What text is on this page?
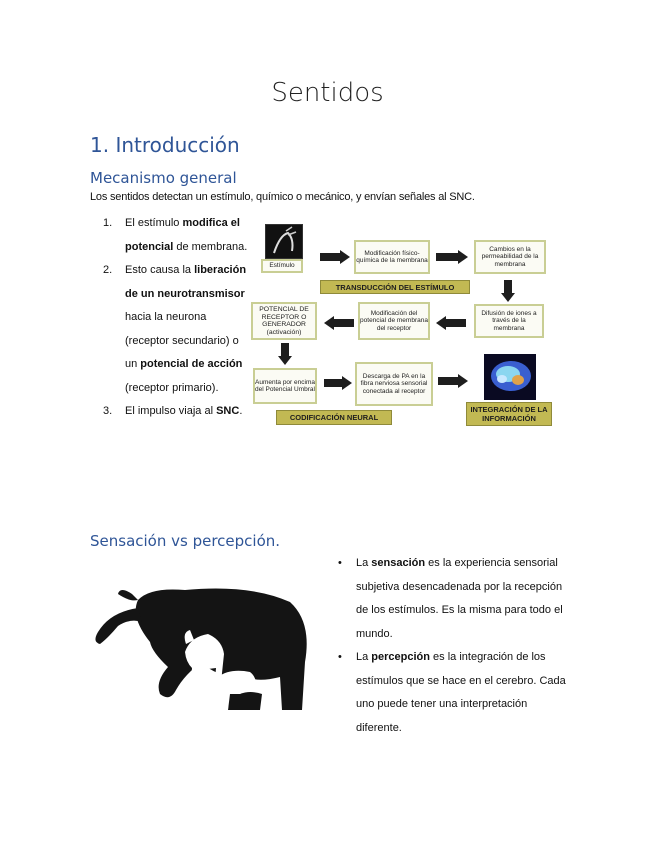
Sentidos
1. Introducción
Mecanismo general
Los sentidos detectan un estímulo, químico o mecánico, y envían señales al SNC.
1. El estímulo modifica el potencial de membrana.
2. Esto causa la liberación de un neurotransmisor hacia la neurona (receptor secundario) o un potencial de acción (receptor primario).
3. El impulso viaja al SNC.
Estímulo
Modificación físico-química de la membrana
Cambios en la permeabilidad de la membrana
TRANSDUCCIÓN DEL ESTÍMULO
POTENCIAL DE RECEPTOR O GENERADOR (activación)
Modificación del potencial de membrana del receptor
Difusión de iones a través de la membrana
Aumenta por encima del Potencial Umbral
Descarga de PA en la fibra nerviosa sensorial conectada al receptor
CODIFICACIÓN NEURAL
INTEGRACIÓN DE LA INFORMACIÓN
Sensación vs percepción.
• La sensación es la experiencia sensorial subjetiva desencadenada por la recepción de los estímulos. Es la misma para todo el mundo.
• La percepción es la integración de los estímulos que se hace en el cerebro. Cada uno puede tener una interpretación diferente.
